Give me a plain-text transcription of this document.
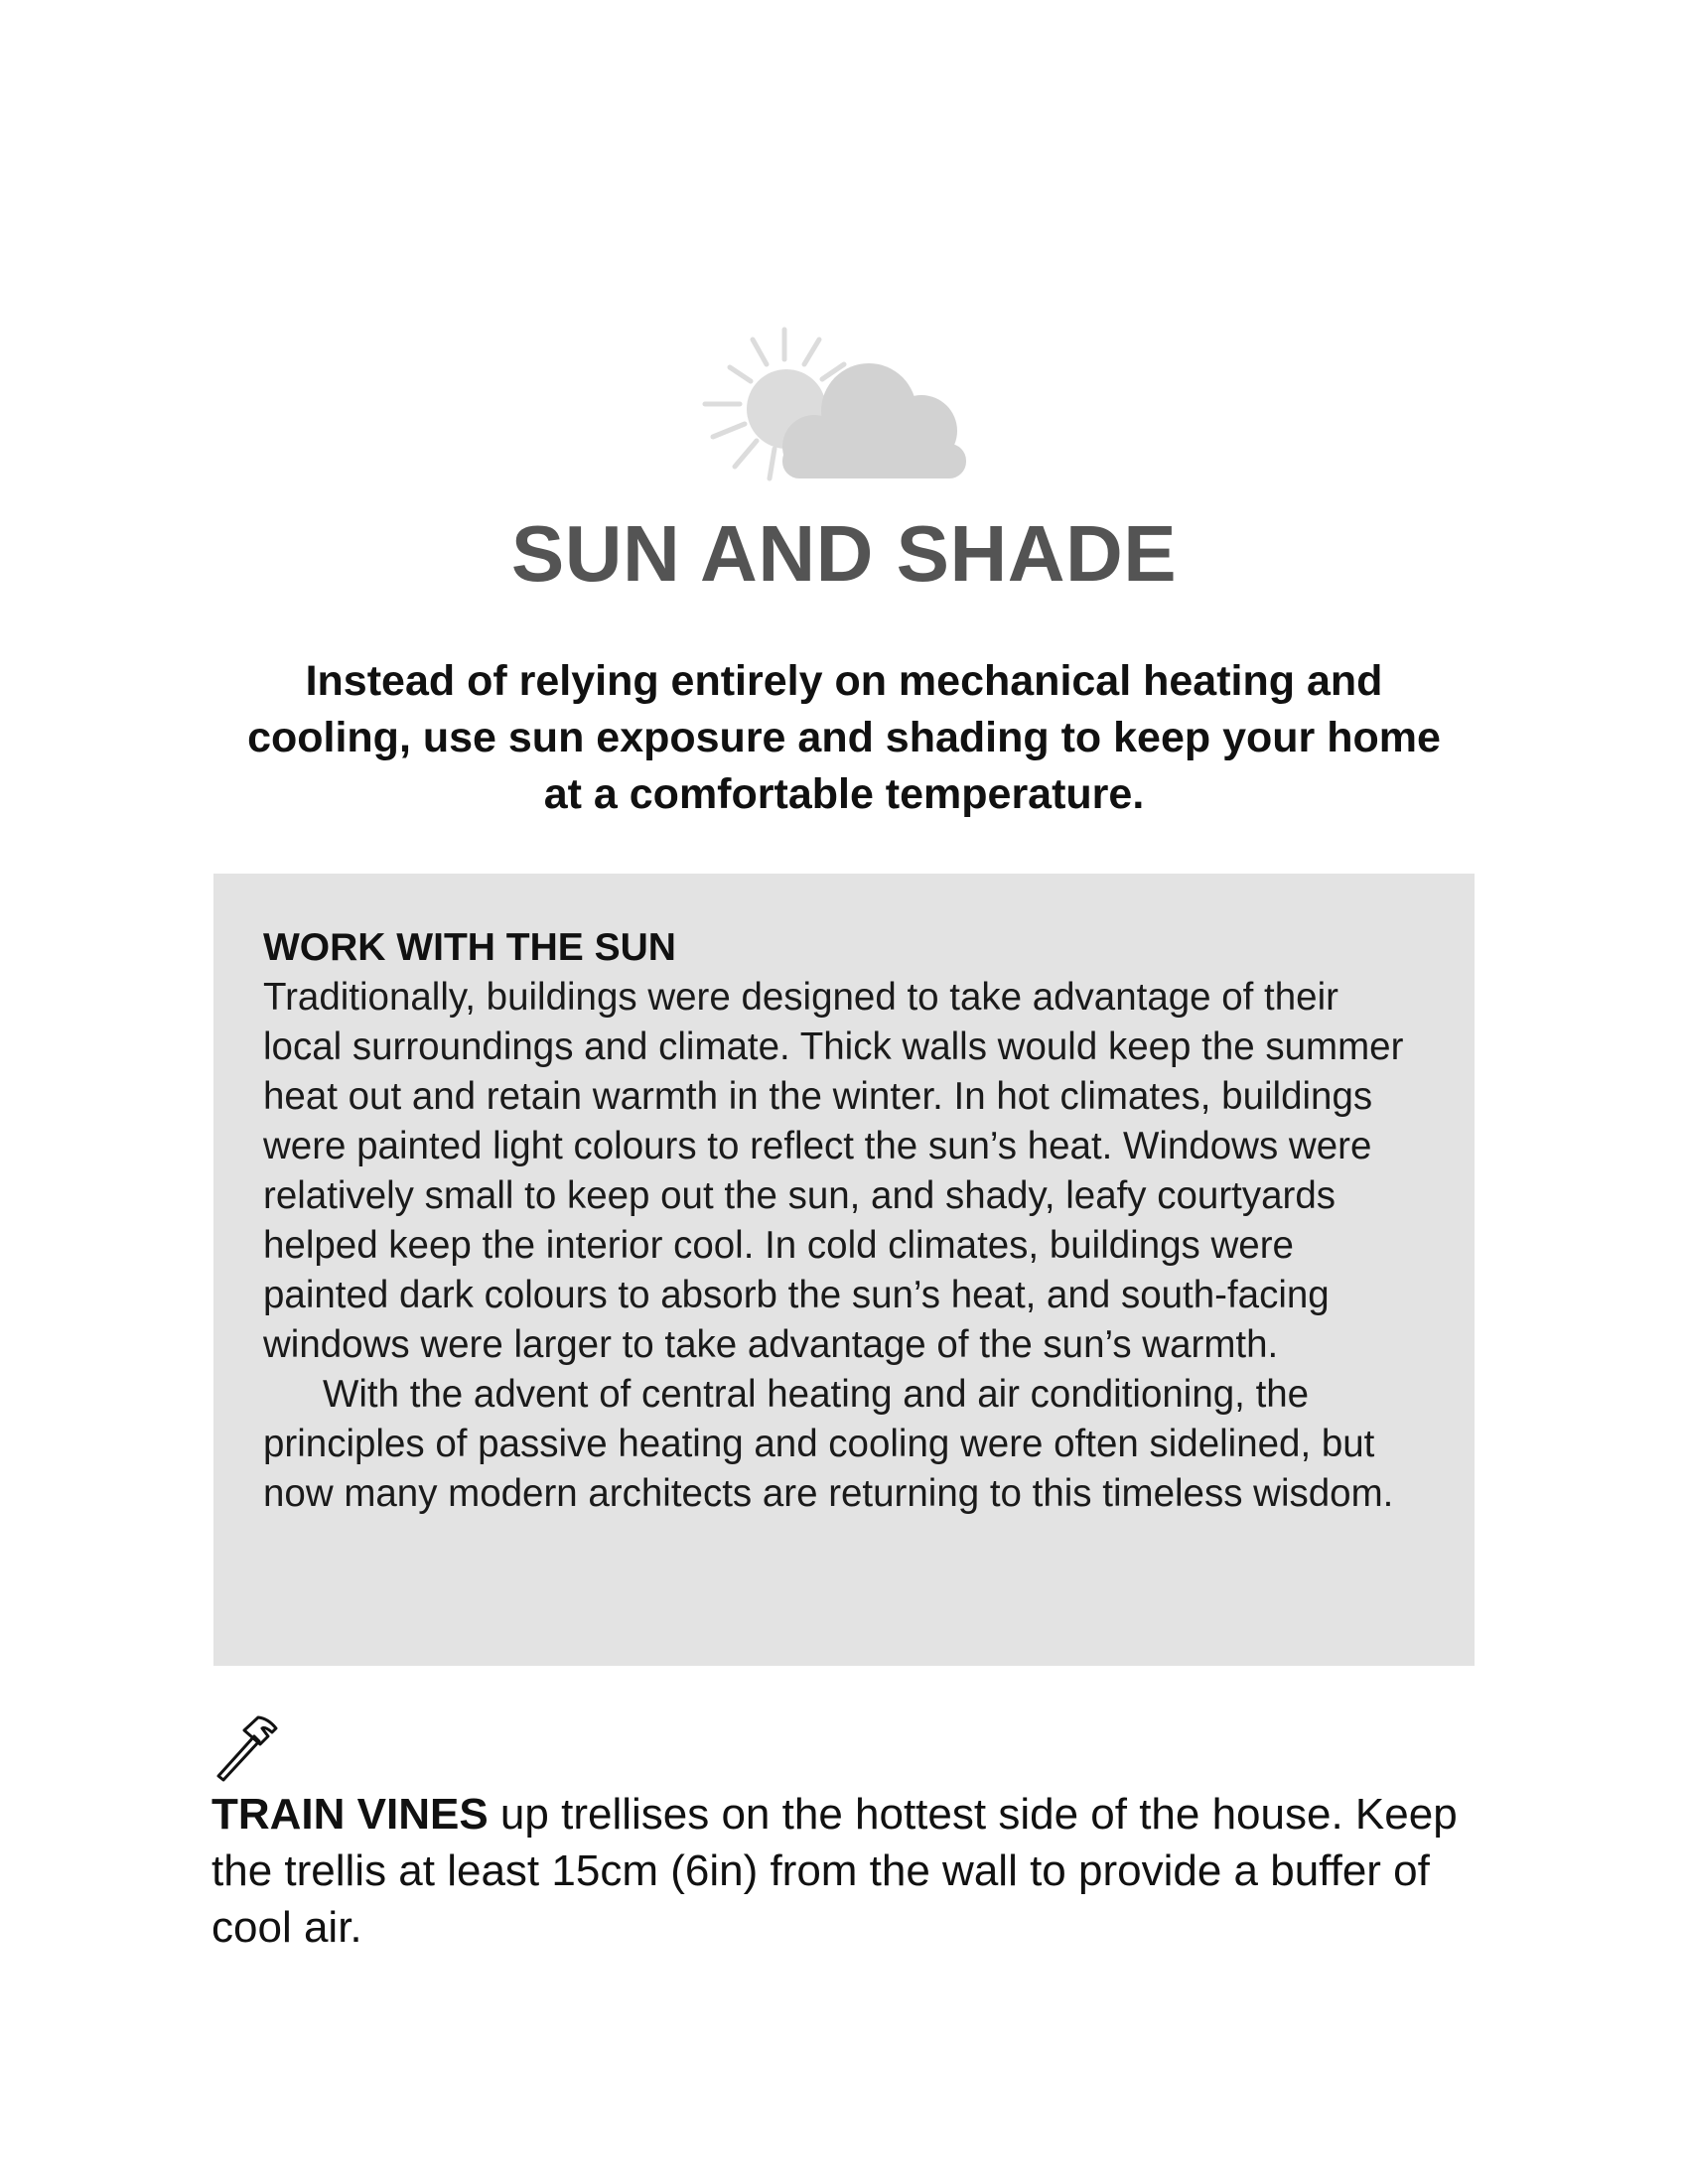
SUN AND SHADE

Instead of relying entirely on mechanical heating and cooling, use sun exposure and shading to keep your home at a comfortable temperature.

WORK WITH THE SUN

Traditionally, buildings were designed to take advantage of their local surroundings and climate. Thick walls would keep the summer heat out and retain warmth in the winter. In hot climates, buildings were painted light colours to reflect the sun’s heat. Windows were relatively small to keep out the sun, and shady, leafy courtyards helped keep the interior cool. In cold climates, buildings were painted dark colours to absorb the sun’s heat, and south-facing windows were larger to take advantage of the sun’s warmth.

With the advent of central heating and air conditioning, the principles of passive heating and cooling were often sidelined, but now many modern architects are returning to this timeless wisdom.

TRAIN VINES up trellises on the hottest side of the house. Keep the trellis at least 15cm (6in) from the wall to provide a buffer of cool air.
